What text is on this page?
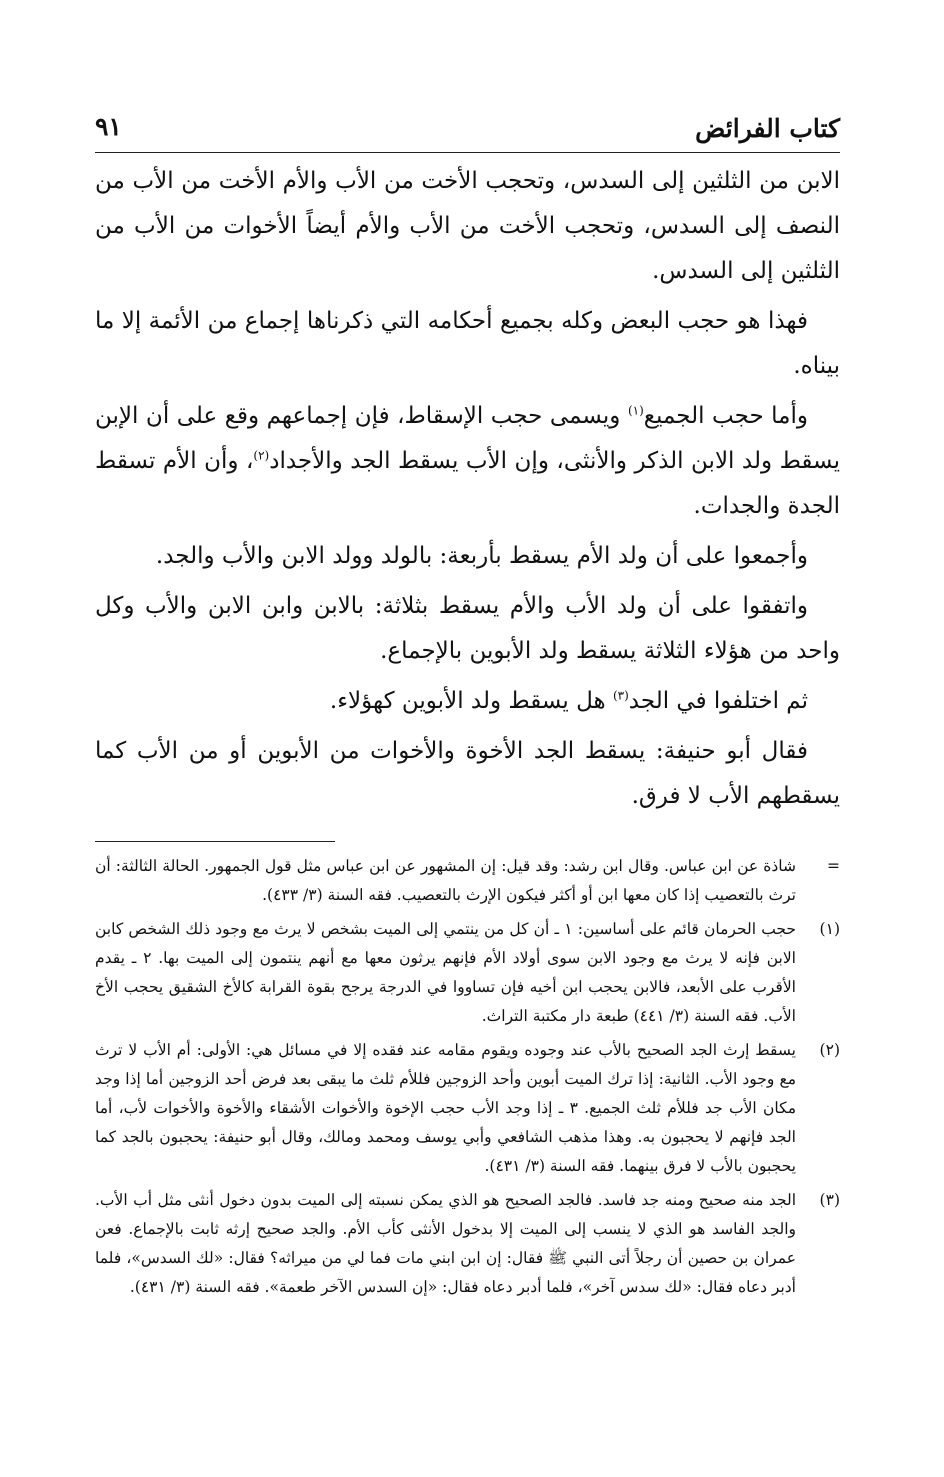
كتاب الفرائض
٩١

الابن من الثلثين إلى السدس، وتحجب الأخت من الأب والأم الأخت من الأب من النصف إلى السدس، وتحجب الأخت من الأب والأم أيضاً الأخوات من الأب من الثلثين إلى السدس.

فهذا هو حجب البعض وكله بجميع أحكامه التي ذكرناها إجماع من الأئمة إلا ما بيناه.

وأما حجب الجميع$^{(١)}$ ويسمى حجب الإسقاط، فإن إجماعهم وقع على أن الإبن يسقط ولد الابن الذكر والأنثى، وإن الأب يسقط الجد والأجداد$^{(٢)}$، وأن الأم تسقط الجدة والجدات.

وأجمعوا على أن ولد الأم يسقط بأربعة: بالولد وولد الابن والأب والجد.

واتفقوا على أن ولد الأب والأم يسقط بثلاثة: بالابن وابن الابن والأب وكل واحد من هؤلاء الثلاثة يسقط ولد الأبوين بالإجماع.

ثم اختلفوا في الجد$^{(٣)}$ هل يسقط ولد الأبوين كهؤلاء.

فقال أبو حنيفة: يسقط الجد الأخوة والأخوات من الأبوين أو من الأب كما يسقطهم الأب لا فرق.

=
شاذة عن ابن عباس. وقال ابن رشد: وقد قيل: إن المشهور عن ابن عباس مثل قول الجمهور. الحالة الثالثة: أن ترث بالتعصيب إذا كان معها ابن أو أكثر فيكون الإرث بالتعصيب. فقه السنة (٣/ ٤٣٣).
(١)
حجب الحرمان قائم على أساسين: ١ ـ أن كل من ينتمي إلى الميت بشخص لا يرث مع وجود ذلك الشخص كابن الابن فإنه لا يرث مع وجود الابن سوى أولاد الأم فإنهم يرثون معها مع أنهم ينتمون إلى الميت بها. ٢ ـ يقدم الأقرب على الأبعد، فالابن يحجب ابن أخيه فإن تساووا في الدرجة يرجح بقوة القرابة كالأخ الشقيق يحجب الأخ الأب. فقه السنة (٣/ ٤٤١) طبعة دار مكتبة التراث.
(٢)
يسقط إرث الجد الصحيح بالأب عند وجوده ويقوم مقامه عند فقده إلا في مسائل هي: الأولى: أم الأب لا ترث مع وجود الأب. الثانية: إذا ترك الميت أبوين وأحد الزوجين فللأم ثلث ما يبقى بعد فرض أحد الزوجين أما إذا وجد مكان الأب جد فللأم ثلث الجميع. ٣ ـ إذا وجد الأب حجب الإخوة والأخوات الأشقاء والأخوة والأخوات لأب، أما الجد فإنهم لا يحجبون به. وهذا مذهب الشافعي وأبي يوسف ومحمد ومالك، وقال أبو حنيفة: يحجبون بالجد كما يحجبون بالأب لا فرق بينهما. فقه السنة (٣/ ٤٣١).
(٣)
الجد منه صحيح ومنه جد فاسد. فالجد الصحيح هو الذي يمكن نسبته إلى الميت بدون دخول أنثى مثل أب الأب. والجد الفاسد هو الذي لا ينسب إلى الميت إلا بدخول الأنثى كأب الأم. والجد صحيح إرثه ثابت بالإجماع. فعن عمران بن حصين أن رجلاً أتى النبي ﷺ فقال: إن ابن ابني مات فما لي من ميراثه؟ فقال: «لك السدس»، فلما أدبر دعاه فقال: «لك سدس آخر»، فلما أدبر دعاه فقال: «إن السدس الآخر طعمة». فقه السنة (٣/ ٤٣١).
